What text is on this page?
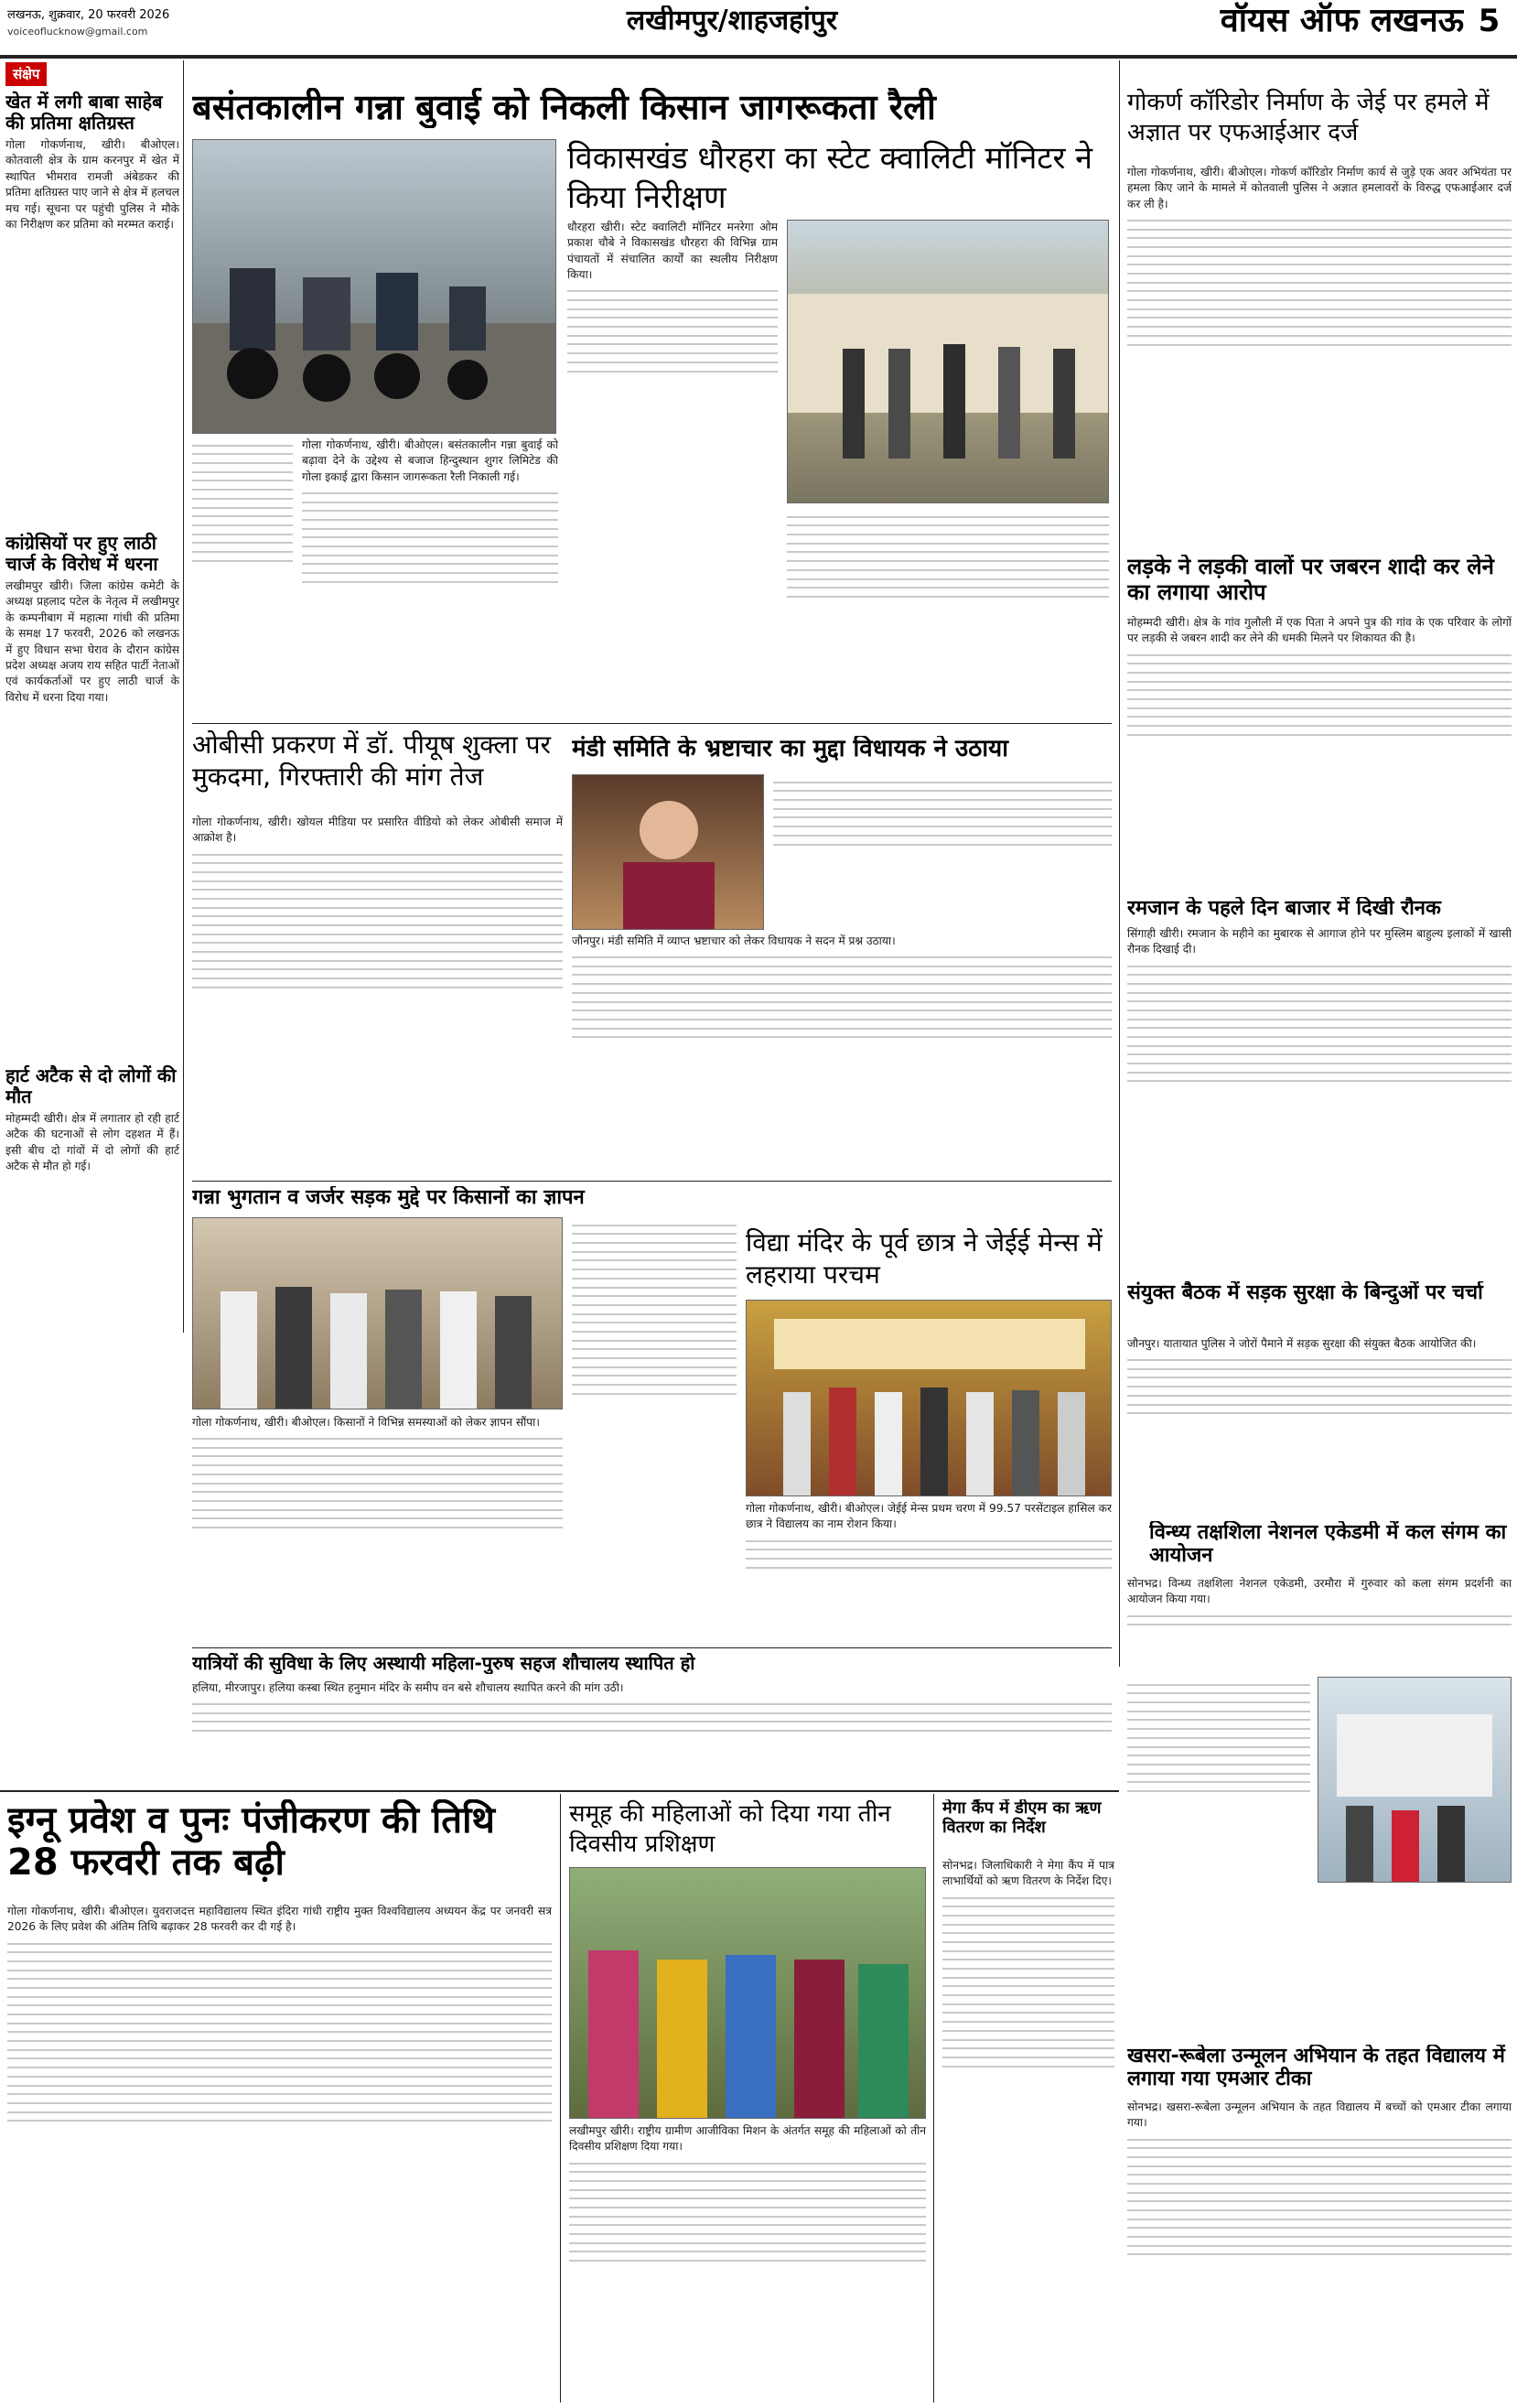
लखनऊ, शुक्रवार, 20 फरवरी 2026
voiceoflucknow@gmail.com	लखीमपुर/शाहजहांपुर	वॉयस ऑफ लखनऊ 5
संक्षेप
खेत में लगी बाबा साहेब की प्रतिमा क्षतिग्रस्त
गोला गोकर्णनाथ, खीरी। बीओएल। कोतवाली क्षेत्र के ग्राम करनपुर में खेत में स्थापित भीमराव रामजी अंबेडकर की प्रतिमा क्षतिग्रस्त पाए जाने से क्षेत्र में हलचल मच गई। सूचना पर पहुंची पुलिस ने मौके का निरीक्षण कर प्रतिमा को मरम्मत कराई।
कांग्रेसियों पर हुए लाठी चार्ज के विरोध में धरना
लखीमपुर खीरी। जिला कांग्रेस कमेटी के अध्यक्ष प्रहलाद पटेल के नेतृत्व में लखीमपुर के कम्पनीबाग में महात्मा गांधी की प्रतिमा के समक्ष 17 फरवरी, 2026 को लखनऊ में हुए विधान सभा घेराव के दौरान कांग्रेस प्रदेश अध्यक्ष अजय राय सहित पार्टी नेताओं एवं कार्यकर्ताओं पर हुए लाठी चार्ज के विरोध में धरना दिया गया।
हार्ट अटैक से दो लोगों की मौत
मोहम्मदी खीरी। क्षेत्र में लगातार हो रही हार्ट अटैक की घटनाओं से लोग दहशत में हैं। इसी बीच दो गांवों में दो लोगों की हार्ट अटैक से मौत हो गई।
बसंतकालीन गन्ना बुवाई को निकली किसान जागरूकता रैली
गोला गोकर्णनाथ, खीरी। बीओएल। बसंतकालीन गन्ना बुवाई को बढ़ावा देने के उद्देश्य से बजाज हिन्दुस्थान शुगर लिमिटेड की गोला इकाई द्वारा किसान जागरूकता रैली निकाली गई।
विकासखंड धौरहरा का स्टेट क्वालिटी मॉनिटर ने किया निरीक्षण
धौरहरा खीरी। स्टेट क्वालिटी मॉनिटर मनरेगा ओम प्रकाश चौबे ने विकासखंड धौरहरा की विभिन्न ग्राम पंचायतों में संचालित कार्यों का स्थलीय निरीक्षण किया।
ओबीसी प्रकरण में डॉ. पीयूष शुक्ला पर मुकदमा, गिरफ्तारी की मांग तेज
गोला गोकर्णनाथ, खीरी। खोयल मीडिया पर प्रसारित वीडियो को लेकर ओबीसी समाज में आक्रोश है।
मंडी समिति के भ्रष्टाचार का मुद्दा विधायक ने उठाया
जौनपुर। मंडी समिति में व्याप्त भ्रष्टाचार को लेकर विधायक ने सदन में प्रश्न उठाया।
गन्ना भुगतान व जर्जर सड़क मुद्दे पर किसानों का ज्ञापन
गोला गोकर्णनाथ, खीरी। बीओएल। किसानों ने विभिन्न समस्याओं को लेकर ज्ञापन सौंपा।
विद्या मंदिर के पूर्व छात्र ने जेईई मेन्स में लहराया परचम
गोला गोकर्णनाथ, खीरी। बीओएल। जेईई मेन्स प्रथम चरण में 99.57 परसेंटाइल हासिल कर छात्र ने विद्यालय का नाम रोशन किया।
यात्रियों की सुविधा के लिए अस्थायी महिला-पुरुष सहज शौचालय स्थापित हो
हलिया, मीरजापुर। हलिया कस्बा स्थित हनुमान मंदिर के समीप वन बसे शौचालय स्थापित करने की मांग उठी।
गोकर्ण कॉरिडोर निर्माण के जेई पर हमले में अज्ञात पर एफआईआर दर्ज
गोला गोकर्णनाथ, खीरी। बीओएल। गोकर्ण कॉरिडोर निर्माण कार्य से जुड़े एक अवर अभियंता पर हमला किए जाने के मामले में कोतवाली पुलिस ने अज्ञात हमलावरों के विरुद्ध एफआईआर दर्ज कर ली है।
लड़के ने लड़की वालों पर जबरन शादी कर लेने का लगाया आरोप
मोहम्मदी खीरी। क्षेत्र के गांव गुलौली में एक पिता ने अपने पुत्र की गांव के एक परिवार के लोगों पर लड़की से जबरन शादी कर लेने की धमकी मिलने पर शिकायत की है।
रमजान के पहले दिन बाजार में दिखी रौनक
सिंगाही खीरी। रमजान के महीने का मुबारक से आगाज होने पर मुस्लिम बाहुल्य इलाकों में खासी रौनक दिखाई दी।
संयुक्त बैठक में सड़क सुरक्षा के बिन्दुओं पर चर्चा
जौनपुर। यातायात पुलिस ने जोरों पैमाने में सड़क सुरक्षा की संयुक्त बैठक आयोजित की।
विन्ध्य तक्षशिला नेशनल एकेडमी में कल संगम का आयोजन
सोनभद्र। विन्ध्य तक्षशिला नेशनल एकेडमी, उरमौरा में गुरुवार को कला संगम प्रदर्शनी का आयोजन किया गया।
खसरा-रूबेला उन्मूलन अभियान के तहत विद्यालय में लगाया गया एमआर टीका
सोनभद्र। खसरा-रूबेला उन्मूलन अभियान के तहत विद्यालय में बच्चों को एमआर टीका लगाया गया।
इग्नू प्रवेश व पुनः पंजीकरण की तिथि 28 फरवरी तक बढ़ी
गोला गोकर्णनाथ, खीरी। बीओएल। युवराजदत्त महाविद्यालय स्थित इंदिरा गांधी राष्ट्रीय मुक्त विश्वविद्यालय अध्ययन केंद्र पर जनवरी सत्र 2026 के लिए प्रवेश की अंतिम तिथि बढ़ाकर 28 फरवरी कर दी गई है।
समूह की महिलाओं को दिया गया तीन दिवसीय प्रशिक्षण
लखीमपुर खीरी। राष्ट्रीय ग्रामीण आजीविका मिशन के अंतर्गत समूह की महिलाओं को तीन दिवसीय प्रशिक्षण दिया गया।
मेगा कैंप में डीएम का ऋण वितरण का निर्देश
सोनभद्र। जिलाधिकारी ने मेगा कैंप में पात्र लाभार्थियों को ऋण वितरण के निर्देश दिए।
